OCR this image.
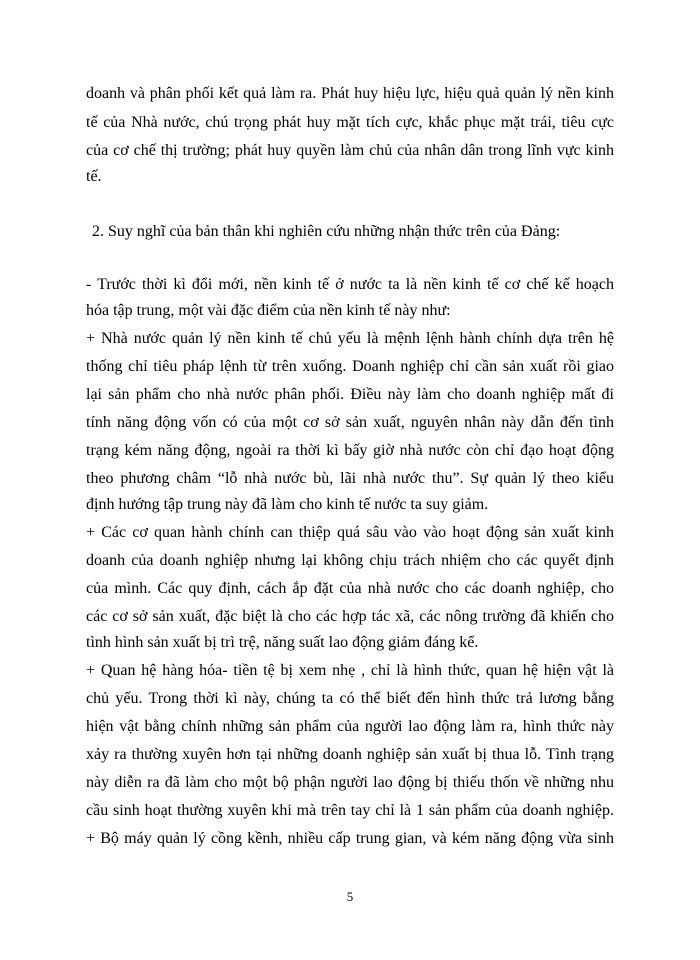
doanh và phân phối kết quả làm ra. Phát huy hiệu lực, hiệu quả quản lý nền kinh
tế của Nhà nước, chú trọng phát huy mặt tích cực, khắc phục mặt trái, tiêu cực
của cơ chế thị trường; phát huy quyền làm chủ của nhân dân trong lĩnh vực kinh
tế.
2. Suy nghĩ của bản thân khi nghiên cứu những nhận thức trên của Đảng:
- Trước thời kì đổi mới, nền kinh tế ở nước ta là nền kinh tế cơ chế kế hoạch
hóa tập trung, một vài đặc điểm của nền kinh tế này như:
+ Nhà nước quản lý nền kinh tế chủ yếu là mệnh lệnh hành chính dựa trên hệ
thống chỉ tiêu pháp lệnh từ trên xuống. Doanh nghiệp chỉ cần sản xuất rồi giao
lại sản phẩm cho nhà nước phân phối. Điều này làm cho doanh nghiệp mất đi
tính năng động vốn có của một cơ sở sản xuất, nguyên nhân này dẫn đến tình
trạng kém năng động, ngoài ra thời kì bấy giờ nhà nước còn chỉ đạo hoạt động
theo phương châm “lỗ nhà nước bù, lãi nhà nước thu”. Sự quản lý theo kiểu
định hướng tập trung này đã làm cho kinh tế nước ta suy giảm.
+ Các cơ quan hành chính can thiệp quá sâu vào vào hoạt động sản xuất kinh
doanh của doanh nghiệp nhưng lại không chịu trách nhiệm cho các quyết định
của mình. Các quy định, cách ắp đặt của nhà nước cho các doanh nghiệp, cho
các cơ sở sản xuất, đặc biệt là cho các hợp tác xã, các nông trường đã khiến cho
tình hình sản xuất bị trì trệ, năng suất lao động giảm đáng kể.
+ Quan hệ hàng hóa- tiền tệ bị xem nhẹ , chỉ là hình thức, quan hệ hiện vật là
chủ yếu. Trong thời kì này, chúng ta có thể biết đến hình thức trả lương bằng
hiện vật bằng chính những sản phẩm của người lao động làm ra, hình thức này
xảy ra thường xuyên hơn tại những doanh nghiệp sản xuất bị thua lỗ. Tình trạng
này diễn ra đã làm cho một bộ phận người lao động bị thiếu thốn về những nhu
cầu sinh hoạt thường xuyên khi mà trên tay chỉ là 1 sản phẩm của doanh nghiệp.
+ Bộ máy quản lý cồng kềnh, nhiều cấp trung gian, và kém năng động vừa sinh
5
